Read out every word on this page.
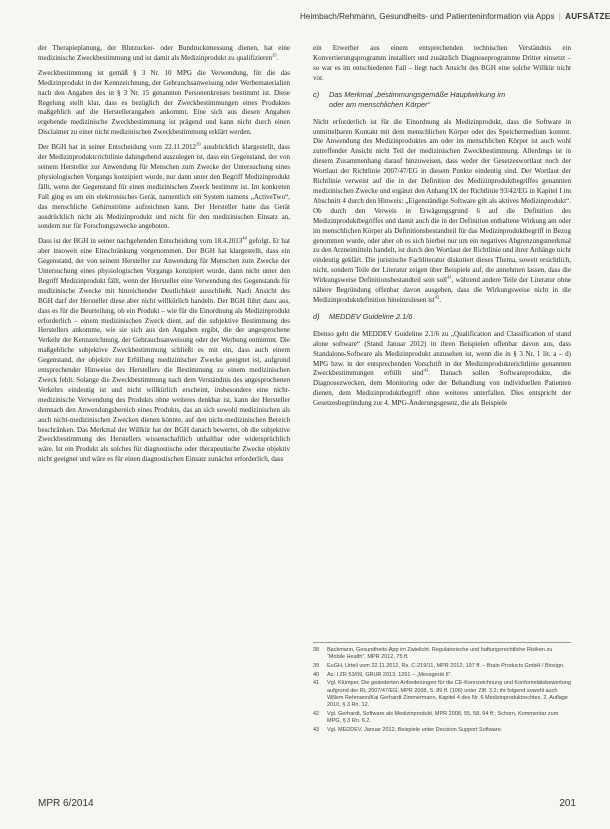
Heimbach/Rehmann, Gesundheits- und Patienteninformation via Apps | AUFSÄTZE

der Therapieplanung, der Blutzucker- oder Bundrucktmessung dienen, hat eine medizinische Zweckbestimmung und ist damit als Medizinprodukt zu qualifizieren$^{35}$.

Zweckbestimmung ist gemäß § 3 Nr. 10 MPG die Verwendung, für die das Medizinprodukt in der Kennzeichnung, der Gebrauchsanweisung oder Werbematerialien nach den Angaben des in § 3 Nr. 15 genannten Personenkreises bestimmt ist. Diese Regelung stellt klar, dass es bezüglich der Zweckbestimmungen eines Produktes maßgeblich auf die Herstellerangaben ankommt. Eine sich aus diesen Angaben ergebende medizinische Zweckbestimmung ist prägend und kann nicht durch einen Disclaimer zu einer nicht medizinischen Zweckbestimmung erklärt werden.

Der BGH hat in seiner Entscheidung vom 22.11.2012$^{39}$ ausdrücklich klargestellt, dass der Medizinproduktcrichtlinie dahingehend auszulegen ist, dass ein Gegenstand, der von seinem Hersteller zur Anwendung für Menschen zum Zwecke der Untersuchung eines physiologischen Vorgangs konzipiert wurde, nur dann unter den Begriff Medizinprodukt fällt, wenn der Gegenstand für einen medizinischen Zweck bestimmt ist. Im konkreten Fall ging es um ein elektronisches Gerät, namentlich ein System namens „ActiveTwo“, das menschliche Gehirnströme aufzeichnen kann. Der Hersteller hatte das Gerät ausdrücklich nicht als Medizinprodukt und nicht für den medizinischen Einsatz an, sondern nur für Forschungszwecke angeboten.

Dass ist der BGH in seiner nachgehenden Entscheidung vom 18.4.2013$^{40}$ gefolgt. Er hat aber insoweit eine Einschränkung vorgenommen. Der BGH hat klargestellt, dass ein Gegenstand, der von seinem Hersteller zur Anwendung für Menschen zum Zwecke der Untersuchung eines physiologischen Vorgangs konzipiert wurde, dann nicht unter den Begriff Medizinprodukt fällt, wenn der Hersteller eine Verwendung des Gegenstands für medizinische Zwecke mit hinreichender Deutlichkeit ausschließt. Nach Ansicht des BGH darf der Hersteller diese aber nicht willkürlich handeln. Der BGH führt dazu aus, dass es für die Beurteilung, ob ein Produkt – wie für die Einordnung als Medizinprodukt erforderlich – einem medizinischen Zweck dient, auf die subjektive Bestimmung des Herstellers ankomme, wie sie sich aus den Angaben ergibt, die der angesprochene Verkehr der Kennzeichnung, der Gebrauchsanweisung oder der Werbung entnimmt. Die maßgebliche subjektive Zweckbestimmung schließt es mit ein, dass auch einem Gegenstand, der objektiv zur Erfüllung medizinischer Zwecke geeignet ist, aufgrund entsprechender Hinweise des Herstellers die Bestimmung zu einem medizinischen Zweck fehlt. Solange die Zweckbestimmung nach dem Verständnis des angesprochenen Verkehrs eindeutig ist und nicht willkürlich erscheint, insbesondere eine nicht-medizinische Verwendung des Produkts ohne weiteres denkbar ist, kann der Hersteller demnach den Anwendungsbereich eines Produkts, das an sich sowohl medizinischen als auch nicht-medizinischen Zwecken dienen könnte, auf den nicht-medizinischen Bereich beschränken. Das Merkmal der Willkür hat der BGH danach bewertet, ob die subjektive Zweckbestimmung des Herstellers wissenschaftlich unhaltbar oder widersprüchlich wäre. Ist ein Produkt als solches für diagnostische oder therapeutische Zwecke objektiv nicht geeignet und wäre es für einen diagnostischen Einsatz zunächst erforderlich, dass

ein Erwerber aus einem entsprechenden technischen Verständnis ein Konvertierungsprogramm installiert und zusätzlich Diagnoseprogramme Dritter einsetzt – so war es im entschiedenen Fall – liegt nach Ansicht des BGH eine solche Willkür nicht vor.

c) Das Merkmal „bestimmungsgemäße Hauptwirkung im
oder am menschlichen Körper“

Nicht erforderlich ist für die Einordnung als Medizinprodukt, dass die Software in unmittelbaren Kontakt mit dem menschlichen Körper oder des Speichermedium kommt. Die Anwendung des Medizinproduktes am oder im menschlichen Körper ist auch wohl zutreffender Ansicht nicht Teil der medizinischen Zweckbestimmung. Allerdings ist in diesem Zusammenhang darauf hinzuweisen, dass weder der Gesetzeswortlaut noch der Wortlaut der Richtlinie 2007/47/EG in diesem Punkte eindeutig sind. Der Wortlaut der Richtlinie verweist auf die in der Definition des Medizinproduktbegriffes genannten medizinischen Zwecke und ergänzt den Anhang IX der Richtlinie 93/42/EG in Kapitel I im Abschnitt 4 durch den Hinweis: „Eigenständige Software gilt als aktives Medizinprodukt“. Ob durch den Verweis in Erwägungsgrund 6 auf die Definition des Medizinproduktbegriffes und damit auch die in der Definition enthaltene Wirkung am oder im menschlichen Körper als Definitionsbestandteil für das Medizinproduktbegriff in Bezug genommen wurde, oder aber ob es sich hierbei nur um ein negatives Abgrenzungsmerkmal zu den Arzneimitteln handelt, ist durch den Wortlaut der Richtlinie und ihrer Anhänge nicht eindeutig geklärt. Die juristische Fachliteratur diskutiert dieses Thema, soweit ersichtlich, nicht, sondern Teile der Literatur zeigen über Beispiele auf, die annehmen lassen, dass die Wirkungsweise Definitionsbestandteil sein soll$^{41}$, während andere Teile der Literatur ohne nähere Begründung offenbar davon ausgehen, dass die Wirkungsweise nicht in die Medizinproduktdefinition hineinzulesen ist$^{42}$.

d) MEDDEV Guideline 2.1/6

Ebenso geht die MEDDEV Guideline 2.1/6 zu „Qualification and Classification of stand alone software“ (Stand Januar 2012) in ihren Beispielen offenbar davon aus, dass Standalone-Software als Medizinprodukt anzusehen ist, wenn die in § 3 Nr. 1 lit. a – d) MPG bzw. in der entsprechenden Vorschrift in der Medizinprodukterichtlinie genannten Zweckbestimmungen erfüllt sind$^{43}$. Danach sollen Softwareprodukte, die Diagnosezwecken, dem Monitoring oder der Behandlung von individuellen Patienten dienen, dem Medizinproduktbegriff ohne weiteres unterfallen. Dies entspricht der Gesetzesbegründung zur 4. MPG-Änderungsgesetz, die als Beispiele

38	Backmann, Gesundheits-App im Zwielicht. Regulatorische und haftungsrechtliche Risiken zu “Mobile Health”, MPR 2012, 75 ff.
39	EuGH, Urteil vom 22.11.2012, Rs. C-219/11, MPR 2012, 197 ff. – Brain Products GmbH / Biosign.
40	Az. I ZR 53/09, GRUR 2013, 1261 – „Messgerät II“.
41	Vgl. Klümper, Die geänderten Anforderungen für die CE-Kennzeichnung und Konformitätsbewertung aufgrund der RL 2007/47/EG, MPR 2008, S. 89 ff. (106) unter Ziff. 3.2; ihr folgend sowohl auch Willem Rehmann/Kai Gerhardt Zimmermann, Kapitel 4 des Nr. 6 Medizinproduktrechtes, 2. Auflage 2010, § 3 Rn. 12.
42	Vgl. Gerhardt, Software als Medizinprodukt, MPR 2008, 55, 58, 94 ff.; Schorn, Kommentar zum MPG, § 3 Rn. 6.2.
43	Vgl. MEDDEV, Januar 2012, Beispiele unter Decision Support Software.
MPR 6/2014	201
